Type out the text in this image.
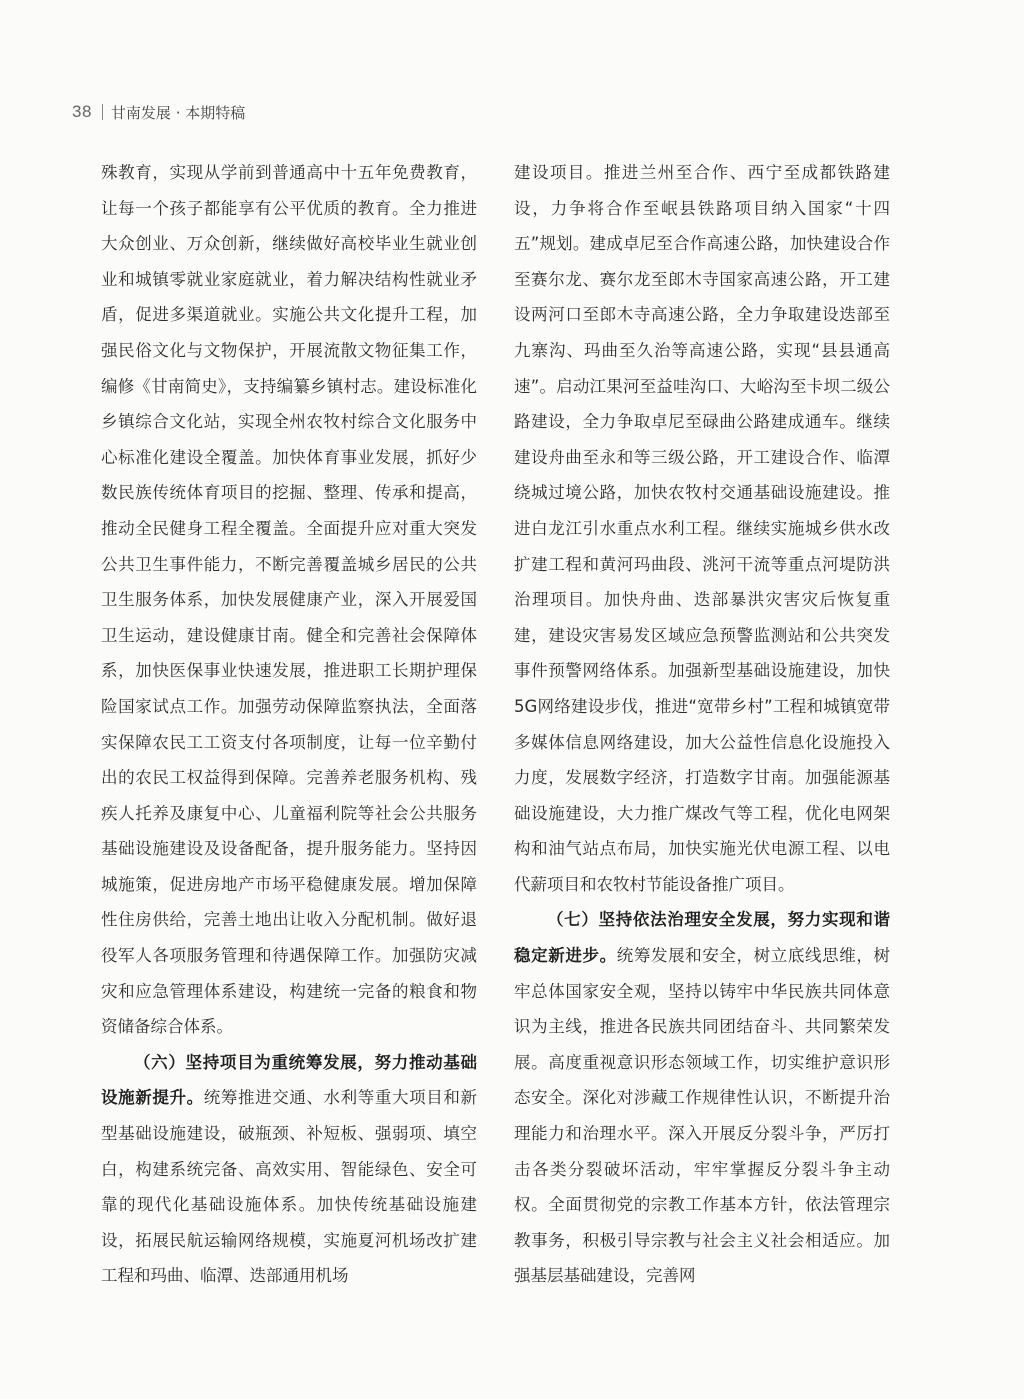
38 甘南发展 · 本期特稿

殊教育，实现从学前到普通高中十五年免费教育，让每一个孩子都能享有公平优质的教育。全力推进大众创业、万众创新，继续做好高校毕业生就业创业和城镇零就业家庭就业，着力解决结构性就业矛盾，促进多渠道就业。实施公共文化提升工程，加强民俗文化与文物保护，开展流散文物征集工作，编修《甘南简史》，支持编纂乡镇村志。建设标准化乡镇综合文化站，实现全州农牧村综合文化服务中心标准化建设全覆盖。加快体育事业发展，抓好少数民族传统体育项目的挖掘、整理、传承和提高，推动全民健身工程全覆盖。全面提升应对重大突发公共卫生事件能力，不断完善覆盖城乡居民的公共卫生服务体系，加快发展健康产业，深入开展爱国卫生运动，建设健康甘南。健全和完善社会保障体系，加快医保事业快速发展，推进职工长期护理保险国家试点工作。加强劳动保障监察执法，全面落实保障农民工工资支付各项制度，让每一位辛勤付出的农民工权益得到保障。完善养老服务机构、残疾人托养及康复中心、儿童福利院等社会公共服务基础设施建设及设备配备，提升服务能力。坚持因城施策，促进房地产市场平稳健康发展。增加保障性住房供给，完善土地出让收入分配机制。做好退役军人各项服务管理和待遇保障工作。加强防灾减灾和应急管理体系建设，构建统一完备的粮食和物资储备综合体系。

（六）坚持项目为重统筹发展，努力推动基础设施新提升。统筹推进交通、水利等重大项目和新型基础设施建设，破瓶颈、补短板、强弱项、填空白，构建系统完备、高效实用、智能绿色、安全可靠的现代化基础设施体系。加快传统基础设施建设，拓展民航运输网络规模，实施夏河机场改扩建工程和玛曲、临潭、迭部通用机场

建设项目。推进兰州至合作、西宁至成都铁路建设，力争将合作至岷县铁路项目纳入国家“十四五”规划。建成卓尼至合作高速公路，加快建设合作至赛尔龙、赛尔龙至郎木寺国家高速公路，开工建设两河口至郎木寺高速公路，全力争取建设迭部至九寨沟、玛曲至久治等高速公路，实现“县县通高速”。启动江果河至益哇沟口、大峪沟至卡坝二级公路建设，全力争取卓尼至碌曲公路建成通车。继续建设舟曲至永和等三级公路，开工建设合作、临潭绕城过境公路，加快农牧村交通基础设施建设。推进白龙江引水重点水利工程。继续实施城乡供水改扩建工程和黄河玛曲段、洮河干流等重点河堤防洪治理项目。加快舟曲、迭部暴洪灾害灾后恢复重建，建设灾害易发区域应急预警监测站和公共突发事件预警网络体系。加强新型基础设施建设，加快5G网络建设步伐，推进“宽带乡村”工程和城镇宽带多媒体信息网络建设，加大公益性信息化设施投入力度，发展数字经济，打造数字甘南。加强能源基础设施建设，大力推广煤改气等工程，优化电网架构和油气站点布局，加快实施光伏电源工程、以电代薪项目和农牧村节能设备推广项目。

（七）坚持依法治理安全发展，努力实现和谐稳定新进步。统筹发展和安全，树立底线思维，树牢总体国家安全观，坚持以铸牢中华民族共同体意识为主线，推进各民族共同团结奋斗、共同繁荣发展。高度重视意识形态领域工作，切实维护意识形态安全。深化对涉藏工作规律性认识，不断提升治理能力和治理水平。深入开展反分裂斗争，严厉打击各类分裂破坏活动，牢牢掌握反分裂斗争主动权。全面贯彻党的宗教工作基本方针，依法管理宗教事务，积极引导宗教与社会主义社会相适应。加强基层基础建设，完善网
